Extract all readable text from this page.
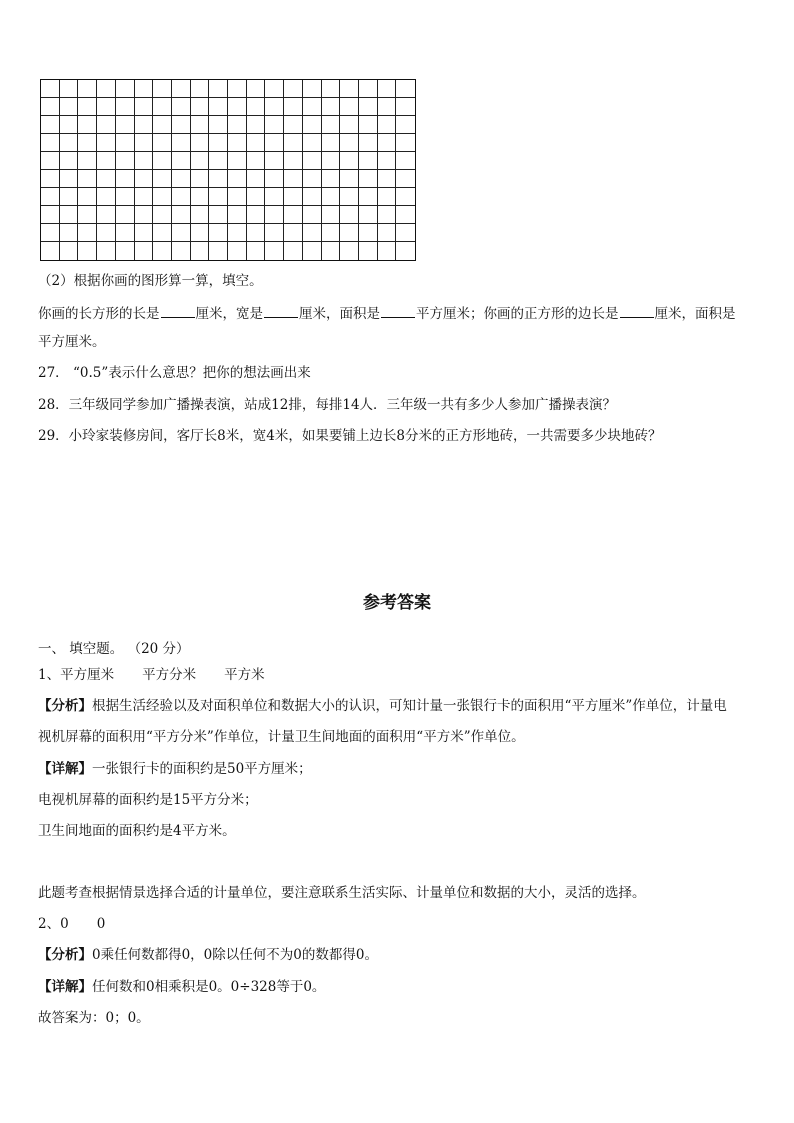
（2）根据你画的图形算一算，填空。
你画的长方形的长是	厘米，宽是	厘米，面积是	平方厘米；你画的正方形的边长是	厘米，面积是
平方厘米。
27． “0.5”表示什么意思？把你的想法画出来
28．三年级同学参加广播操表演，站成12排，每排14人．三年级一共有多少人参加广播操表演？
29．小玲家装修房间，客厅长8米，宽4米，如果要铺上边长8分米的正方形地砖，一共需要多少块地砖？
参考答案
一、 填空题。 （20 分）
1、平方厘米 平方分米 平方米
【分析】根据生活经验以及对面积单位和数据大小的认识，可知计量一张银行卡的面积用“平方厘米”作单位，计量电
视机屏幕的面积用“平方分米”作单位，计量卫生间地面的面积用“平方米”作单位。
【详解】一张银行卡的面积约是50平方厘米；
电视机屏幕的面积约是15平方分米；
卫生间地面的面积约是4平方米。
此题考查根据情景选择合适的计量单位，要注意联系生活实际、计量单位和数据的大小，灵活的选择。
2、0 0
【分析】0乘任何数都得0，0除以任何不为0的数都得0。
【详解】任何数和0相乘积是0。0÷328等于0。
故答案为：0；0。
